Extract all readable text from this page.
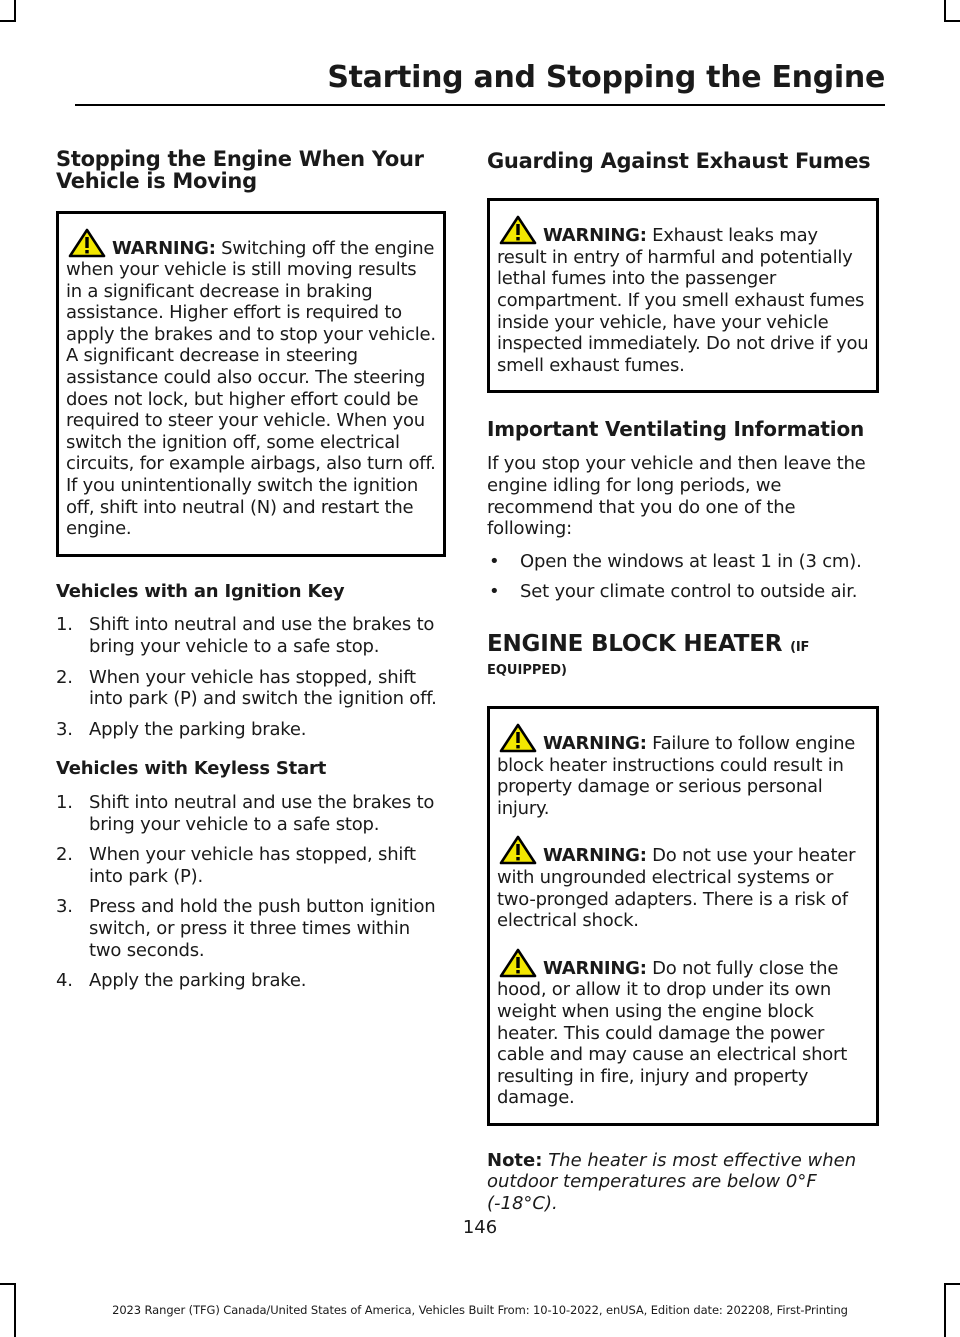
Starting and Stopping the Engine
Stopping the Engine When Your Vehicle is Moving

WARNING: Switching off the engine when your vehicle is still moving results in a significant decrease in braking assistance. Higher effort is required to apply the brakes and to stop your vehicle. A significant decrease in steering assistance could also occur. The steering does not lock, but higher effort could be required to steer your vehicle. When you switch the ignition off, some electrical circuits, for example airbags, also turn off. If you unintentionally switch the ignition off, shift into neutral (N) and restart the engine.

Vehicles with an Ignition Key
1. Shift into neutral and use the brakes to bring your vehicle to a safe stop.
2. When your vehicle has stopped, shift into park (P) and switch the ignition off.
3. Apply the parking brake.
Vehicles with Keyless Start
1. Shift into neutral and use the brakes to bring your vehicle to a safe stop.
2. When your vehicle has stopped, shift into park (P).
3. Press and hold the push button ignition switch, or press it three times within two seconds.
4. Apply the parking brake.
Guarding Against Exhaust Fumes

WARNING: Exhaust leaks may result in entry of harmful and potentially lethal fumes into the passenger compartment. If you smell exhaust fumes inside your vehicle, have your vehicle inspected immediately. Do not drive if you smell exhaust fumes.

Important Ventilating Information

If you stop your vehicle and then leave the engine idling for long periods, we recommend that you do one of the following:

• Open the windows at least 1 in (3 cm).
• Set your climate control to outside air.
ENGINE BLOCK HEATER (IF
EQUIPPED)

WARNING: Failure to follow engine block heater instructions could result in property damage or serious personal injury.

WARNING: Do not use your heater with ungrounded electrical systems or two-pronged adapters. There is a risk of electrical shock.

WARNING: Do not fully close the hood, or allow it to drop under its own weight when using the engine block heater. This could damage the power cable and may cause an electrical short resulting in fire, injury and property damage.

Note: The heater is most effective when outdoor temperatures are below 0°F (-18°C).

146
2023 Ranger (TFG) Canada/United States of America, Vehicles Built From: 10-10-2022, enUSA, Edition date: 202208, First-Printing
